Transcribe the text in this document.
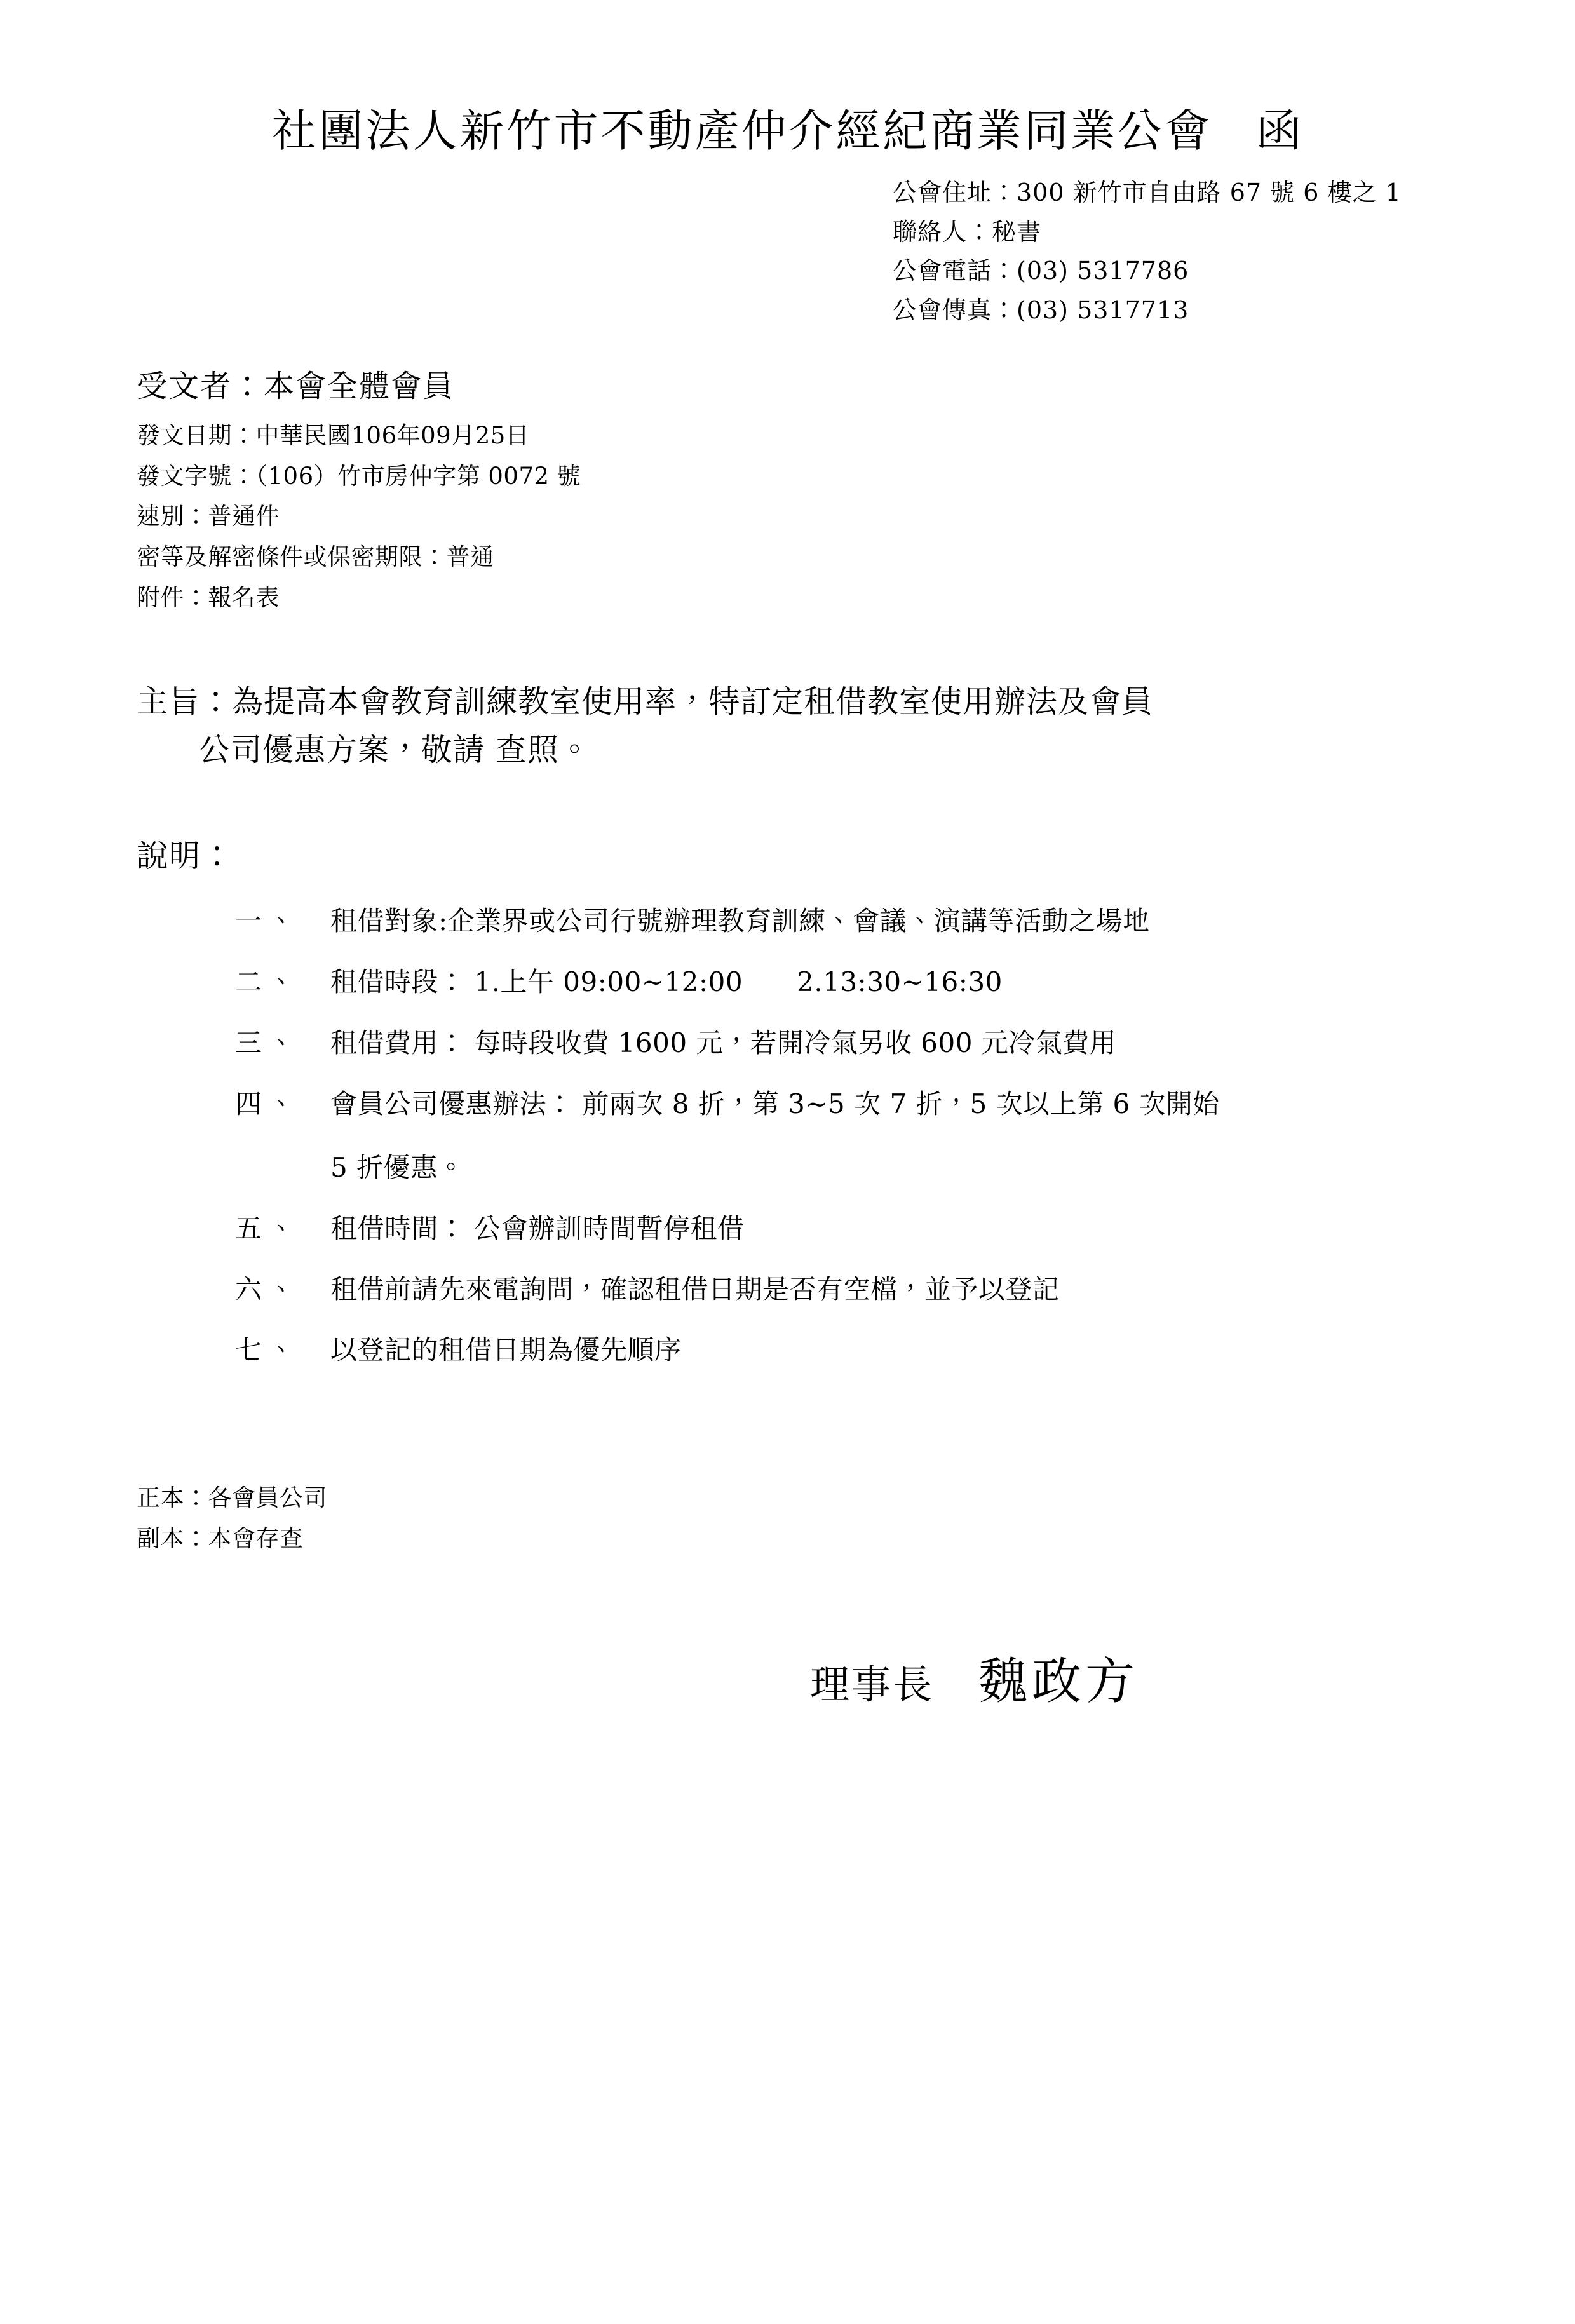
社團法人新竹市不動產仲介經紀商業同業公會 函
公會住址：300 新竹市自由路 67 號 6 樓之 1
聯絡人：秘書
公會電話：(03) 5317786
公會傳真：(03) 5317713
受文者：本會全體會員
發文日期：中華民國106年09月25日
發文字號：（106）竹市房仲字第 0072 號
速別：普通件
密等及解密條件或保密期限：普通
附件：報名表
主旨：為提高本會教育訓練教室使用率，特訂定租借教室使用辦法及會員
公司優惠方案，敬請 查照。
說明：
一、	租借對象:企業界或公司行號辦理教育訓練、會議、演講等活動之場地
二、	租借時段： 1.上午 09:00~12:00　　2.13:30~16:30
三、	租借費用： 每時段收費 1600 元，若開冷氣另收 600 元冷氣費用
四、	會員公司優惠辦法： 前兩次 8 折，第 3~5 次 7 折，5 次以上第 6 次開始
5 折優惠。
五、	租借時間： 公會辦訓時間暫停租借
六、	租借前請先來電詢問，確認租借日期是否有空檔，並予以登記
七、	以登記的租借日期為優先順序
正本：各會員公司
副本：本會存查
理事長 魏政方
